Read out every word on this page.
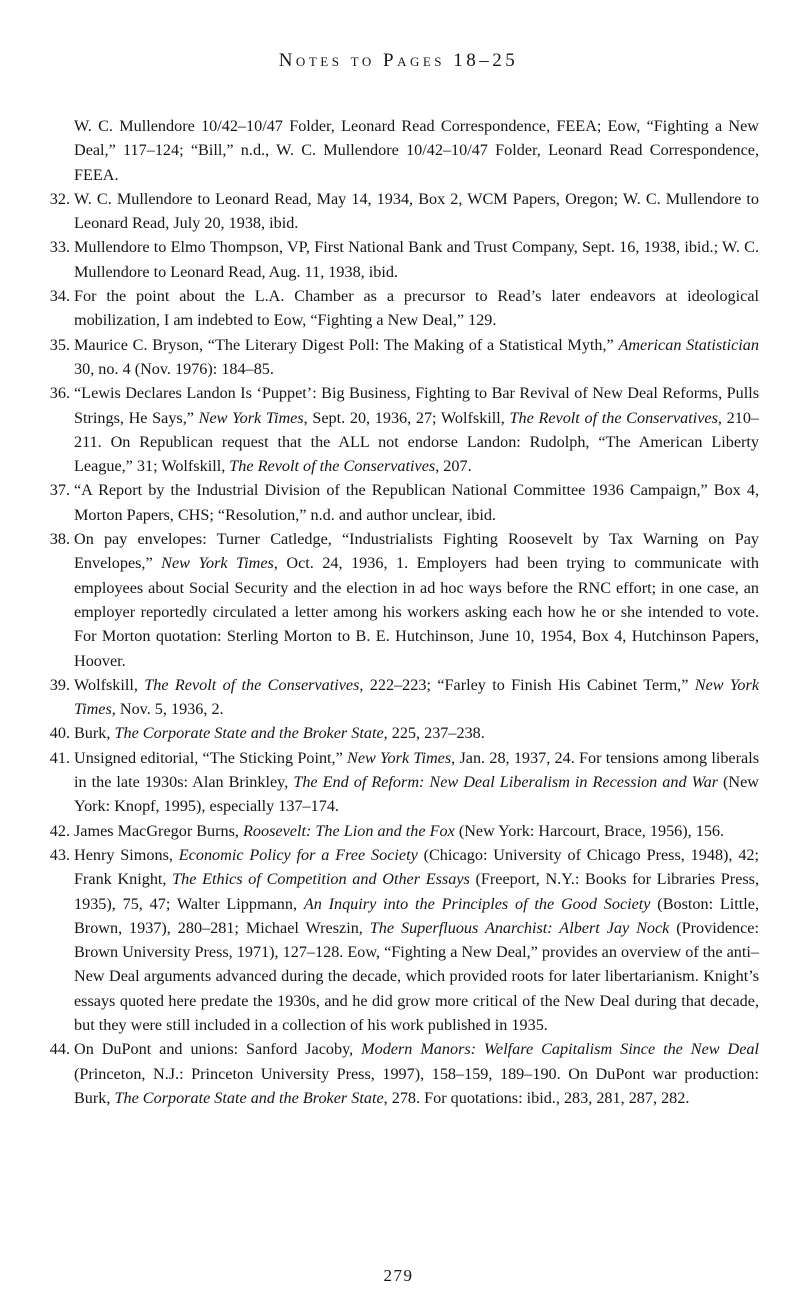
Notes to Pages 18–25
W. C. Mullendore 10/42–10/47 Folder, Leonard Read Correspondence, FEEA; Eow, “Fighting a New Deal,” 117–124; “Bill,” n.d., W. C. Mullendore 10/42–10/47 Folder, Leonard Read Correspondence, FEEA.
32. W. C. Mullendore to Leonard Read, May 14, 1934, Box 2, WCM Papers, Oregon; W. C. Mullendore to Leonard Read, July 20, 1938, ibid.
33. Mullendore to Elmo Thompson, VP, First National Bank and Trust Company, Sept. 16, 1938, ibid.; W. C. Mullendore to Leonard Read, Aug. 11, 1938, ibid.
34. For the point about the L.A. Chamber as a precursor to Read’s later endeavors at ideological mobilization, I am indebted to Eow, “Fighting a New Deal,” 129.
35. Maurice C. Bryson, “The Literary Digest Poll: The Making of a Statistical Myth,” American Statistician 30, no. 4 (Nov. 1976): 184–85.
36. “Lewis Declares Landon Is ‘Puppet’: Big Business, Fighting to Bar Revival of New Deal Reforms, Pulls Strings, He Says,” New York Times, Sept. 20, 1936, 27; Wolfskill, The Revolt of the Conservatives, 210–211. On Republican request that the ALL not endorse Landon: Rudolph, “The American Liberty League,” 31; Wolfskill, The Revolt of the Conservatives, 207.
37. “A Report by the Industrial Division of the Republican National Committee 1936 Campaign,” Box 4, Morton Papers, CHS; “Resolution,” n.d. and author unclear, ibid.
38. On pay envelopes: Turner Catledge, “Industrialists Fighting Roosevelt by Tax Warning on Pay Envelopes,” New York Times, Oct. 24, 1936, 1. Employers had been trying to communicate with employees about Social Security and the election in ad hoc ways before the RNC effort; in one case, an employer reportedly circulated a letter among his workers asking each how he or she intended to vote. For Morton quotation: Sterling Morton to B. E. Hutchinson, June 10, 1954, Box 4, Hutchinson Papers, Hoover.
39. Wolfskill, The Revolt of the Conservatives, 222–223; “Farley to Finish His Cabinet Term,” New York Times, Nov. 5, 1936, 2.
40. Burk, The Corporate State and the Broker State, 225, 237–238.
41. Unsigned editorial, “The Sticking Point,” New York Times, Jan. 28, 1937, 24. For tensions among liberals in the late 1930s: Alan Brinkley, The End of Reform: New Deal Liberalism in Recession and War (New York: Knopf, 1995), especially 137–174.
42. James MacGregor Burns, Roosevelt: The Lion and the Fox (New York: Harcourt, Brace, 1956), 156.
43. Henry Simons, Economic Policy for a Free Society (Chicago: University of Chicago Press, 1948), 42; Frank Knight, The Ethics of Competition and Other Essays (Freeport, N.Y.: Books for Libraries Press, 1935), 75, 47; Walter Lippmann, An Inquiry into the Principles of the Good Society (Boston: Little, Brown, 1937), 280–281; Michael Wreszin, The Superfluous Anarchist: Albert Jay Nock (Providence: Brown University Press, 1971), 127–128. Eow, “Fighting a New Deal,” provides an overview of the anti–New Deal arguments advanced during the decade, which provided roots for later libertarianism. Knight’s essays quoted here predate the 1930s, and he did grow more critical of the New Deal during that decade, but they were still included in a collection of his work published in 1935.
44. On DuPont and unions: Sanford Jacoby, Modern Manors: Welfare Capitalism Since the New Deal (Princeton, N.J.: Princeton University Press, 1997), 158–159, 189–190. On DuPont war production: Burk, The Corporate State and the Broker State, 278. For quotations: ibid., 283, 281, 287, 282.
279
